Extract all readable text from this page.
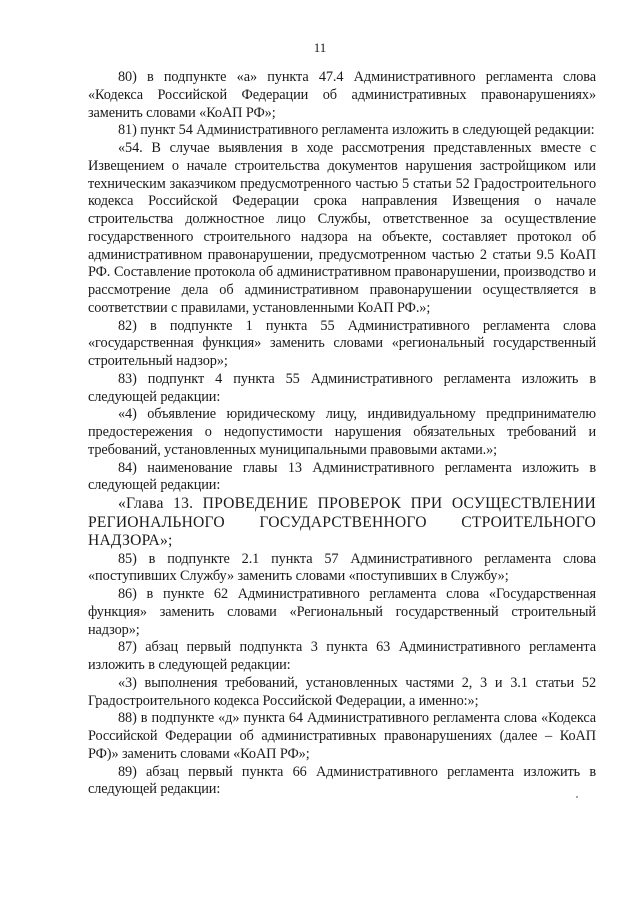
11

80) в подпункте «а» пункта 47.4 Административного регламента слова «Кодекса Российской Федерации об административных правонарушениях» заменить словами «КоАП РФ»;

81) пункт 54 Административного регламента изложить в следующей редакции:

«54. В случае выявления в ходе рассмотрения представленных вместе с Извещением о начале строительства документов нарушения застройщиком или техническим заказчиком предусмотренного частью 5 статьи 52 Градостроительного кодекса Российской Федерации срока направления Извещения о начале строительства должностное лицо Службы, ответственное за осуществление государственного строительного надзора на объекте, составляет протокол об административном правонарушении, предусмотренном частью 2 статьи 9.5 КоАП РФ. Составление протокола об административном правонарушении, производство и рассмотрение дела об административном правонарушении осуществляется в соответствии с правилами, установленными КоАП РФ.»;

82) в подпункте 1 пункта 55 Административного регламента слова «государственная функция» заменить словами «региональный государственный строительный надзор»;

83) подпункт 4 пункта 55 Административного регламента изложить в следующей редакции:

«4) объявление юридическому лицу, индивидуальному предпринимателю предостережения о недопустимости нарушения обязательных требований и требований, установленных муниципальными правовыми актами.»;

84) наименование главы 13 Административного регламента изложить в следующей редакции:

«Глава 13. ПРОВЕДЕНИЕ ПРОВЕРОК ПРИ ОСУЩЕСТВЛЕНИИ РЕГИОНАЛЬНОГО ГОСУДАРСТВЕННОГО СТРОИТЕЛЬНОГО НАДЗОРА»;

85) в подпункте 2.1 пункта 57 Административного регламента слова «поступивших Службу» заменить словами «поступивших в Службу»;

86) в пункте 62 Административного регламента слова «Государственная функция» заменить словами «Региональный государственный строительный надзор»;

87) абзац первый подпункта 3 пункта 63 Административного регламента изложить в следующей редакции:

«3) выполнения требований, установленных частями 2, 3 и 3.1 статьи 52 Градостроительного кодекса Российской Федерации, а именно:»;

88) в подпункте «д» пункта 64 Административного регламента слова «Кодекса Российской Федерации об административных правонарушениях (далее – КоАП РФ)» заменить словами «КоАП РФ»;

89) абзац первый пункта 66 Административного регламента изложить в следующей редакции:
